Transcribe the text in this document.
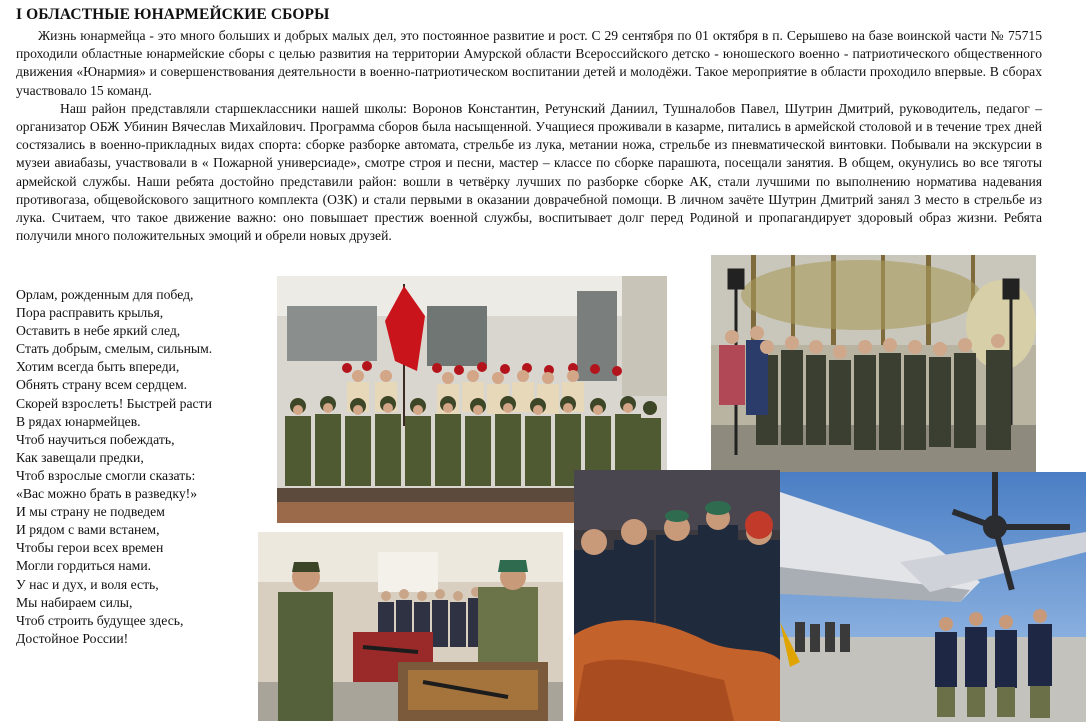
I ОБЛАСТНЫЕ ЮНАРМЕЙСКИЕ СБОРЫ

Жизнь юнармейца - это много больших и добрых малых дел, это постоянное развитие и рост. С 29 сентября по 01 октября в п. Серышево на базе воинской части № 75715 проходили областные юнармейские сборы с целью развития на территории Амурской области Всероссийского детско - юношеского военно - патриотического общественного движения «Юнармия» и совершенствования деятельности в военно-патриотическом воспитании детей и молодёжи. Такое мероприятие в области проходило впервые. В сборах участвовало 15 команд.

Наш район представляли старшеклассники нашей школы: Воронов Константин, Ретунский Даниил, Тушналобов Павел, Шутрин Дмитрий, руководитель, педагог – организатор ОБЖ Убинин Вячеслав Михайлович. Программа сборов была насыщенной. Учащиеся проживали в казарме, питались в армейской столовой и в течение трех дней состязались в военно-прикладных видах спорта: сборке разборке автомата, стрельбе из лука, метании ножа, стрельбе из пневматической винтовки. Побывали на экскурсии в музеи авиабазы, участвовали в « Пожарной универсиаде», смотре строя и песни, мастер – классе по сборке парашюта, посещали занятия. В общем, окунулись во все тяготы армейской службы. Наши ребята достойно представили район: вошли в четвёрку лучших по разборке сборке АК, стали лучшими по выполнению норматива надевания противогаза, общевойскового защитного комплекта (ОЗК) и стали первыми в оказании доврачебной помощи. В личном зачёте Шутрин Дмитрий занял 3 место в стрельбе из лука. Считаем, что такое движение важно: оно повышает престиж военной службы, воспитывает долг перед Родиной и пропагандирует здоровый образ жизни. Ребята получили много положительных эмоций и обрели новых друзей.

Орлам, рожденным для побед,
Пора расправить крылья,
Оставить в небе яркий след,
Стать добрым, смелым, сильным.
Хотим всегда быть впереди,
Обнять страну всем сердцем.
Скорей взрослеть! Быстрей расти
В рядах юнармейцев.
Чтоб научиться побеждать,
Как завещали предки,
Чтоб взрослые смогли сказать:
«Вас можно брать в разведку!»
И мы страну не подведем
И рядом с вами встанем,
Чтобы герои всех времен
Могли гордиться нами.
У нас и дух, и воля есть,
Мы набираем силы,
Чтоб строить будущее здесь,
Достойное России!
